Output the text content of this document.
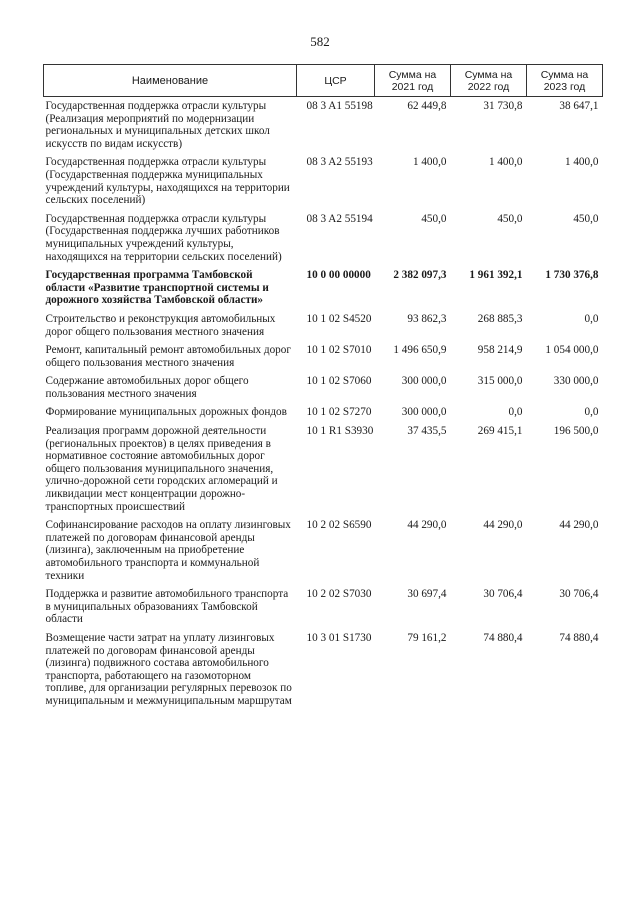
582
Наименование	ЦСР	Сумма на 2021 год	Сумма на 2022 год	Сумма на 2023 год
Государственная поддержка отрасли культуры (Реализация мероприятий по модернизации региональных и муниципальных детских школ искусств по видам искусств)	08 3 A1 55198	62 449,8	31 730,8	38 647,1
Государственная поддержка отрасли культуры (Государственная поддержка муниципальных учреждений культуры, находящихся на территории сельских поселений)	08 3 A2 55193	1 400,0	1 400,0	1 400,0
Государственная поддержка отрасли культуры (Государственная поддержка лучших работников муниципальных учреждений культуры, находящихся на территории сельских поселений)	08 3 A2 55194	450,0	450,0	450,0
Государственная программа Тамбовской области «Развитие транспортной системы и дорожного хозяйства Тамбовской области»	10 0 00 00000	2 382 097,3	1 961 392,1	1 730 376,8
Строительство и реконструкция автомобильных дорог общего пользования местного значения	10 1 02 S4520	93 862,3	268 885,3	0,0
Ремонт, капитальный ремонт автомобильных дорог общего пользования местного значения	10 1 02 S7010	1 496 650,9	958 214,9	1 054 000,0
Содержание автомобильных дорог общего пользования местного значения	10 1 02 S7060	300 000,0	315 000,0	330 000,0
Формирование муниципальных дорожных фондов	10 1 02 S7270	300 000,0	0,0	0,0
Реализация программ дорожной деятельности (региональных проектов) в целях приведения в нормативное состояние автомобильных дорог общего пользования муниципального значения, улично-дорожной сети городских агломераций и ликвидации мест концентрации дорожно-транспортных происшествий	10 1 R1 S3930	37 435,5	269 415,1	196 500,0
Софинансирование расходов на оплату лизинговых платежей по договорам финансовой аренды (лизинга), заключенным на приобретение автомобильного транспорта и коммунальной техники	10 2 02 S6590	44 290,0	44 290,0	44 290,0
Поддержка и развитие автомобильного транспорта в муниципальных образованиях Тамбовской области	10 2 02 S7030	30 697,4	30 706,4	30 706,4
Возмещение части затрат на уплату лизинговых платежей по договорам финансовой аренды (лизинга) подвижного состава автомобильного транспорта, работающего на газомоторном топливе, для организации регулярных перевозок по муниципальным и межмуниципальным маршрутам	10 3 01 S1730	79 161,2	74 880,4	74 880,4
